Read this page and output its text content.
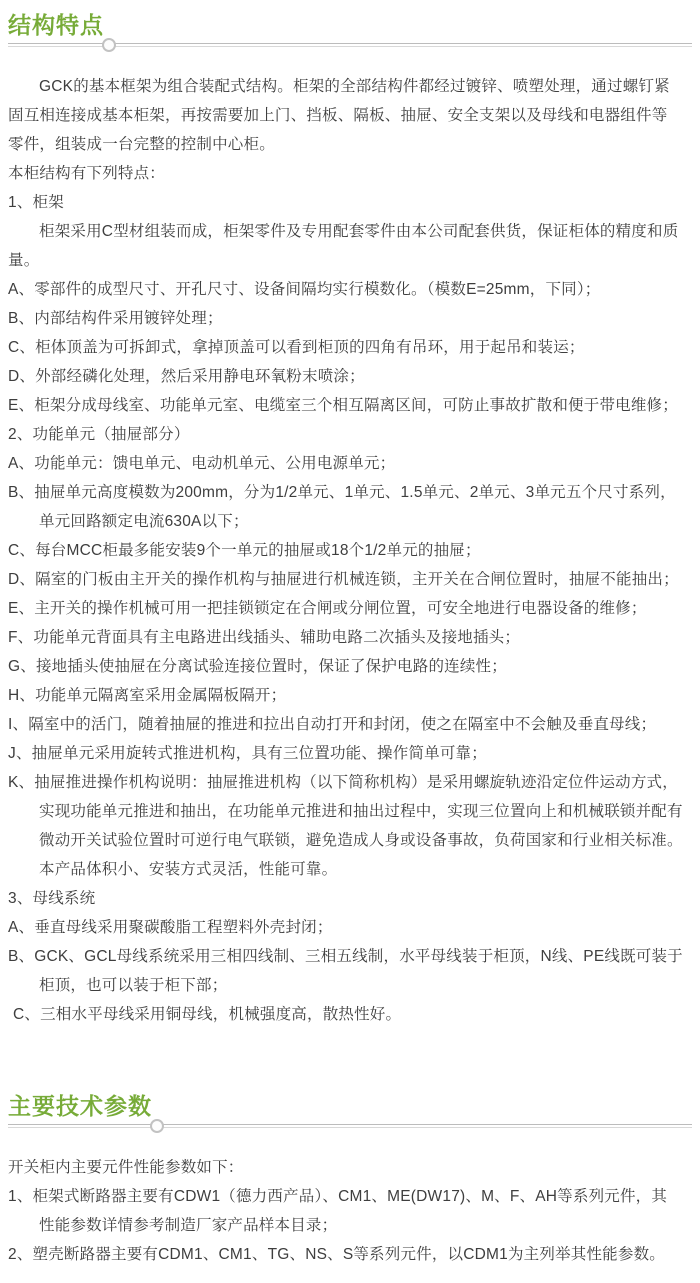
结构特点

GCK的基本框架为组合装配式结构。柜架的全部结构件都经过镀锌、喷塑处理，通过螺钉紧

固互相连接成基本柜架，再按需要加上门、挡板、隔板、抽屉、安全支架以及母线和电器组件等

零件，组装成一台完整的控制中心柜。

本柜结构有下列特点：

1、柜架

柜架采用C型材组装而成，柜架零件及专用配套零件由本公司配套供货，保证柜体的精度和质

量。

A、零部件的成型尺寸、开孔尺寸、设备间隔均实行模数化。（模数E=25mm，下同）；

B、内部结构件采用镀锌处理；

C、柜体顶盖为可拆卸式，拿掉顶盖可以看到柜顶的四角有吊环，用于起吊和装运；

D、外部经磷化处理，然后采用静电环氧粉末喷涂；

E、柜架分成母线室、功能单元室、电缆室三个相互隔离区间，可防止事故扩散和便于带电维修；

2、功能单元（抽屉部分）

A、功能单元：馈电单元、电动机单元、公用电源单元；

B、抽屉单元高度模数为200mm，分为1/2单元、1单元、1.5单元、2单元、3单元五个尺寸系列，

单元回路额定电流630A以下；

C、每台MCC柜最多能安装9个一单元的抽屉或18个1/2单元的抽屉；

D、隔室的门板由主开关的操作机构与抽屉进行机械连锁，主开关在合闸位置时，抽屉不能抽出；

E、主开关的操作机械可用一把挂锁锁定在合闸或分闸位置，可安全地进行电器设备的维修；

F、功能单元背面具有主电路进出线插头、辅助电路二次插头及接地插头；

G、接地插头使抽屉在分离试验连接位置时，保证了保护电路的连续性；

H、功能单元隔离室采用金属隔板隔开；

I、隔室中的活门，随着抽屉的推进和拉出自动打开和封闭，使之在隔室中不会触及垂直母线；

J、抽屉单元采用旋转式推进机构，具有三位置功能、操作简单可靠；

K、抽屉推进操作机构说明：抽屉推进机构（以下简称机构）是采用螺旋轨迹沿定位件运动方式，

实现功能单元推进和抽出，在功能单元推进和抽出过程中，实现三位置向上和机械联锁并配有

微动开关试验位置时可逆行电气联锁，避免造成人身或设备事故，负荷国家和行业相关标准。

本产品体积小、安装方式灵活，性能可靠。

3、母线系统

A、垂直母线采用聚碳酸脂工程塑料外壳封闭；

B、GCK、GCL母线系统采用三相四线制、三相五线制，水平母线装于柜顶，N线、PE线既可装于

柜顶，也可以装于柜下部；

C、三相水平母线采用铜母线，机械强度高，散热性好。

主要技术参数

开关柜内主要元件性能参数如下：

1、柜架式断路器主要有CDW1（德力西产品）、CM1、ME(DW17)、M、F、AH等系列元件，其

性能参数详情参考制造厂家产品样本目录；

2、塑壳断路器主要有CDM1、CM1、TG、NS、S等系列元件，以CDM1为主列举其性能参数。
